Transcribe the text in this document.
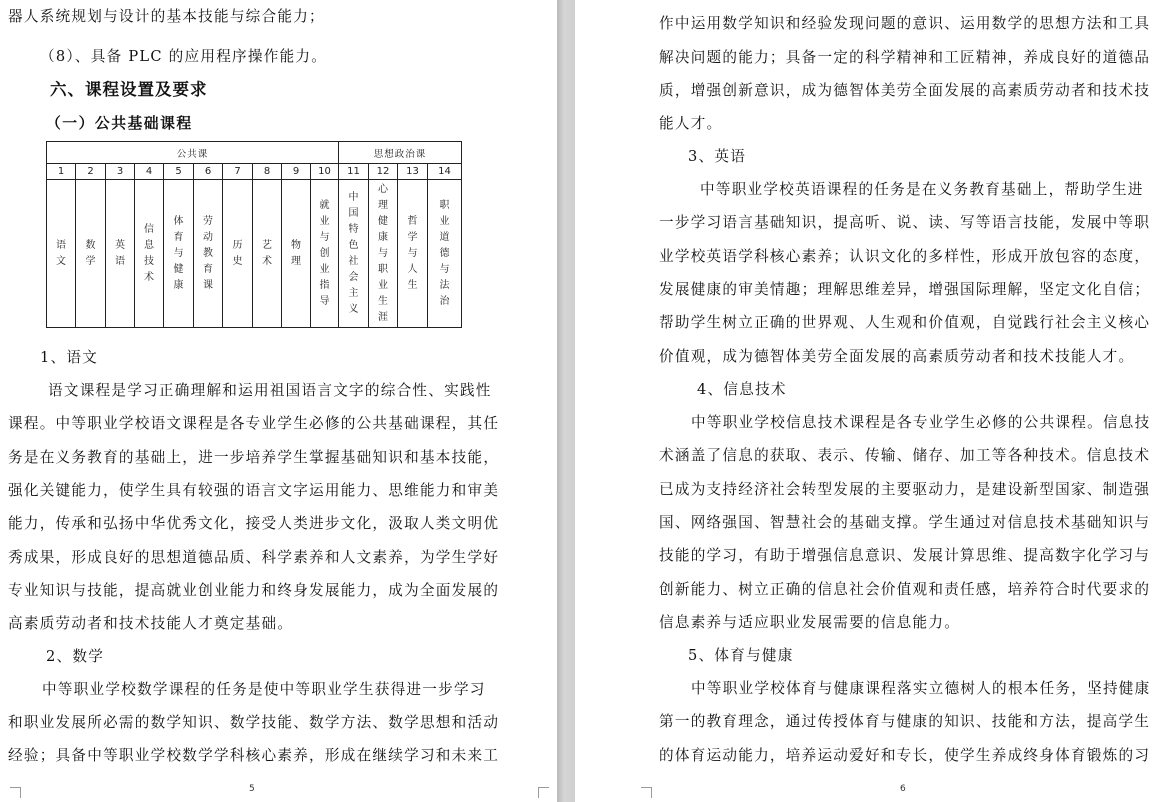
器人系统规划与设计的基本技能与综合能力；
（8）、具备 PLC 的应用程序操作能力。
六、课程设置及要求
（一）公共基础课程
公共课										思想政治课			
1	2	3	4	5	6	7	8	9	10	11	12	13	14
语文	数学	英语	信息技术	体育与健康	劳动教育课	历史	艺术	物理	就业与创业指导	中国特色社会主义	心理健康与职业生涯	哲学与人生	职业道德与法治
1、语文
语文课程是学习正确理解和运用祖国语言文字的综合性、实践性
课程。中等职业学校语文课程是各专业学生必修的公共基础课程，其任
务是在义务教育的基础上，进一步培养学生掌握基础知识和基本技能，
强化关键能力，使学生具有较强的语言文字运用能力、思维能力和审美
能力，传承和弘扬中华优秀文化，接受人类进步文化，汲取人类文明优
秀成果，形成良好的思想道德品质、科学素养和人文素养，为学生学好
专业知识与技能，提高就业创业能力和终身发展能力，成为全面发展的
高素质劳动者和技术技能人才奠定基础。
2、数学
中等职业学校数学课程的任务是使中等职业学生获得进一步学习
和职业发展所必需的数学知识、数学技能、数学方法、数学思想和活动
经验；具备中等职业学校数学学科核心素养，形成在继续学习和未来工
5
作中运用数学知识和经验发现问题的意识、运用数学的思想方法和工具
解决问题的能力；具备一定的科学精神和工匠精神，养成良好的道德品
质，增强创新意识，成为德智体美劳全面发展的高素质劳动者和技术技
能人才。
3、英语
中等职业学校英语课程的任务是在义务教育基础上，帮助学生进
一步学习语言基础知识，提高听、说、读、写等语言技能，发展中等职
业学校英语学科核心素养；认识文化的多样性，形成开放包容的态度，
发展健康的审美情趣；理解思维差异，增强国际理解，坚定文化自信；
帮助学生树立正确的世界观、人生观和价值观，自觉践行社会主义核心
价值观，成为德智体美劳全面发展的高素质劳动者和技术技能人才。
4、信息技术
中等职业学校信息技术课程是各专业学生必修的公共课程。信息技
术涵盖了信息的获取、表示、传输、储存、加工等各种技术。信息技术
已成为支持经济社会转型发展的主要驱动力，是建设新型国家、制造强
国、网络强国、智慧社会的基础支撑。学生通过对信息技术基础知识与
技能的学习，有助于增强信息意识、发展计算思维、提高数字化学习与
创新能力、树立正确的信息社会价值观和责任感，培养符合时代要求的
信息素养与适应职业发展需要的信息能力。
5、体育与健康
中等职业学校体育与健康课程落实立德树人的根本任务，坚持健康
第一的教育理念，通过传授体育与健康的知识、技能和方法，提高学生
的体育运动能力，培养运动爱好和专长，使学生养成终身体育锻炼的习
6
